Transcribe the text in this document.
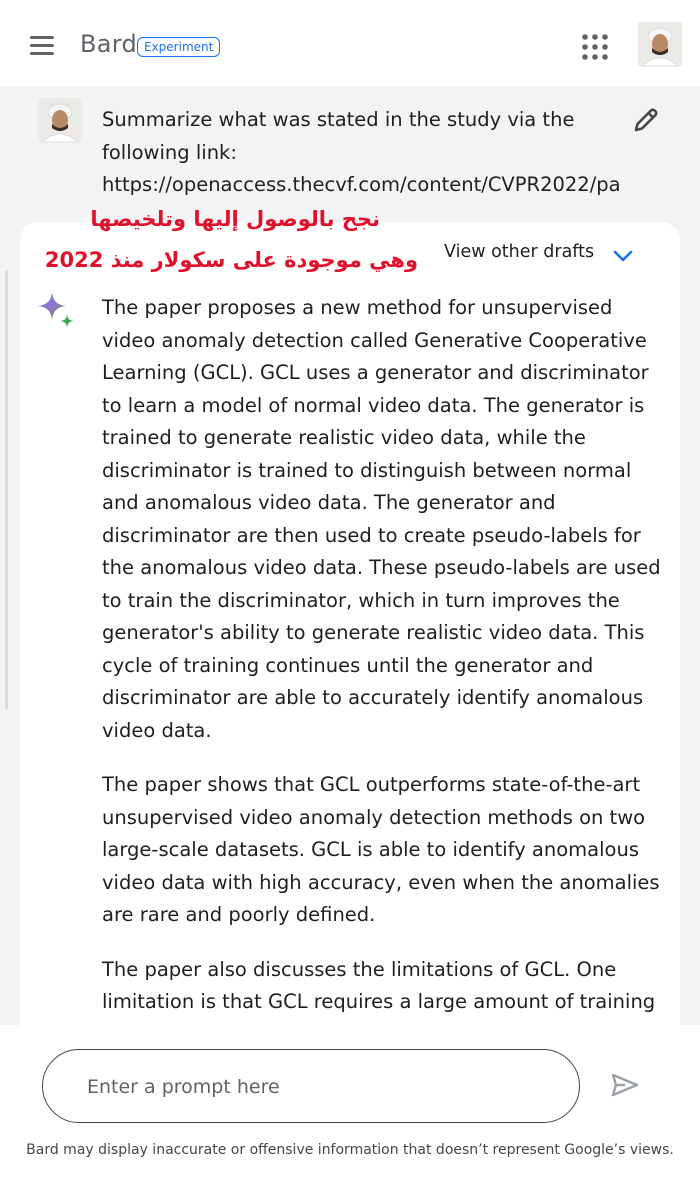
Bard Experiment
Summarize what was stated in the study via the
following link:
https://openaccess.thecvf.com/content/CVPR2022/pa
نجح بالوصول إليها وتلخيصها
وهي موجودة على سكولار منذ 2022 View other drafts

The paper proposes a new method for unsupervised video anomaly detection called Generative Cooperative Learning (GCL). GCL uses a generator and discriminator to learn a model of normal video data. The generator is trained to generate realistic video data, while the discriminator is trained to distinguish between normal and anomalous video data. The generator and discriminator are then used to create pseudo-labels for the anomalous video data. These pseudo-labels are used to train the discriminator, which in turn improves the generator's ability to generate realistic video data. This cycle of training continues until the generator and discriminator are able to accurately identify anomalous video data.

The paper shows that GCL outperforms state-of-the-art unsupervised video anomaly detection methods on two large-scale datasets. GCL is able to identify anomalous video data with high accuracy, even when the anomalies are rare and poorly defined.

The paper also discusses the limitations of GCL. One limitation is that GCL requires a large amount of training

Enter a prompt here
Bard may display inaccurate or offensive information that doesn’t represent Google’s views.
